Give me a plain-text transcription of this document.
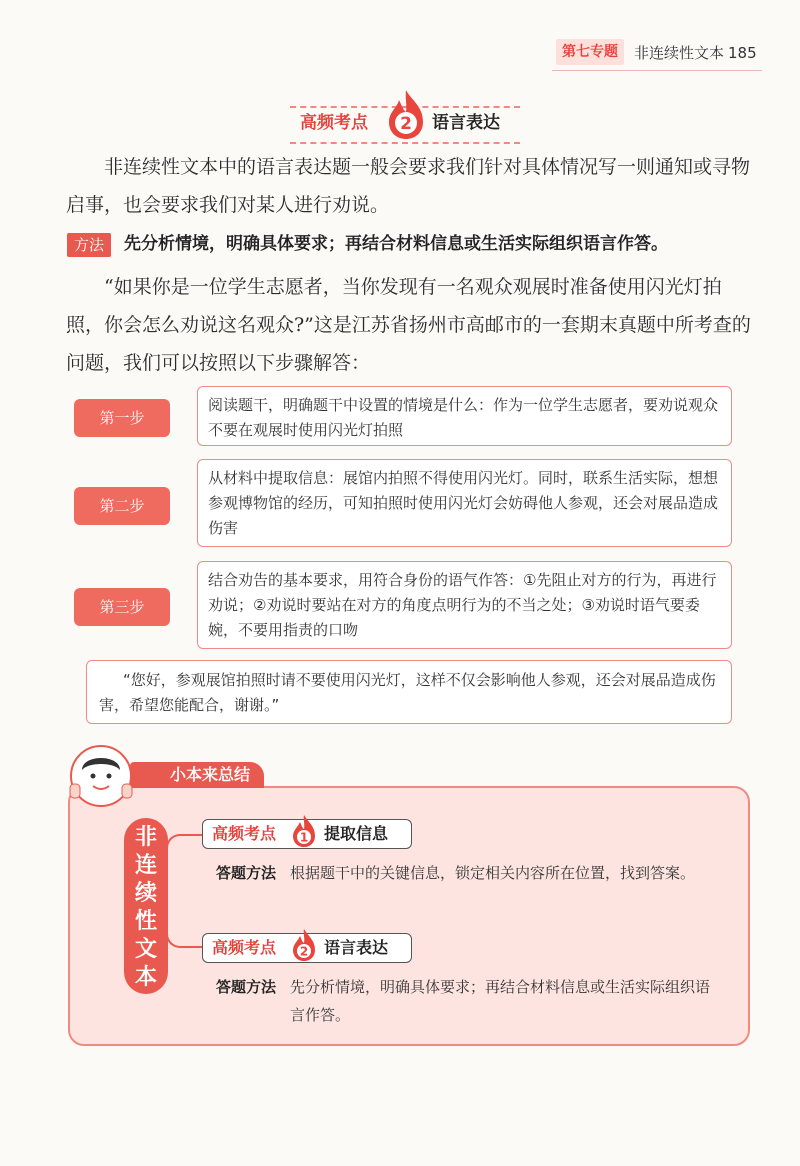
第七专题	非连续性文本 185
高频考点 2 语言表达
非连续性文本中的语言表达题一般会要求我们针对具体情况写一则通知或寻物启事，也会要求我们对某人进行劝说。
方法	先分析情境，明确具体要求；再结合材料信息或生活实际组织语言作答。
“如果你是一位学生志愿者，当你发现有一名观众观展时准备使用闪光灯拍照，你会怎么劝说这名观众?”这是江苏省扬州市高邮市的一套期末真题中所考查的问题，我们可以按照以下步骤解答：
第一步
阅读题干，明确题干中设置的情境是什么：作为一位学生志愿者，要劝说观众不要在观展时使用闪光灯拍照
第二步
从材料中提取信息：展馆内拍照不得使用闪光灯。同时，联系生活实际，想想参观博物馆的经历，可知拍照时使用闪光灯会妨碍他人参观，还会对展品造成伤害
第三步
结合劝告的基本要求，用符合身份的语气作答：①先阻止对方的行为，再进行劝说；②劝说时要站在对方的角度点明行为的不当之处；③劝说时语气要委婉，不要用指责的口吻
“您好，参观展馆拍照时请不要使用闪光灯，这样不仅会影响他人参观，还会对展品造成伤害，希望您能配合，谢谢。”
小本来总结
非
连
续
性
文
本
高频考点 1 提取信息
答题方法 根据题干中的关键信息，锁定相关内容所在位置，找到答案。
高频考点 2 语言表达
答题方法 先分析情境，明确具体要求；再结合材料信息或生活实际组织语言作答。
